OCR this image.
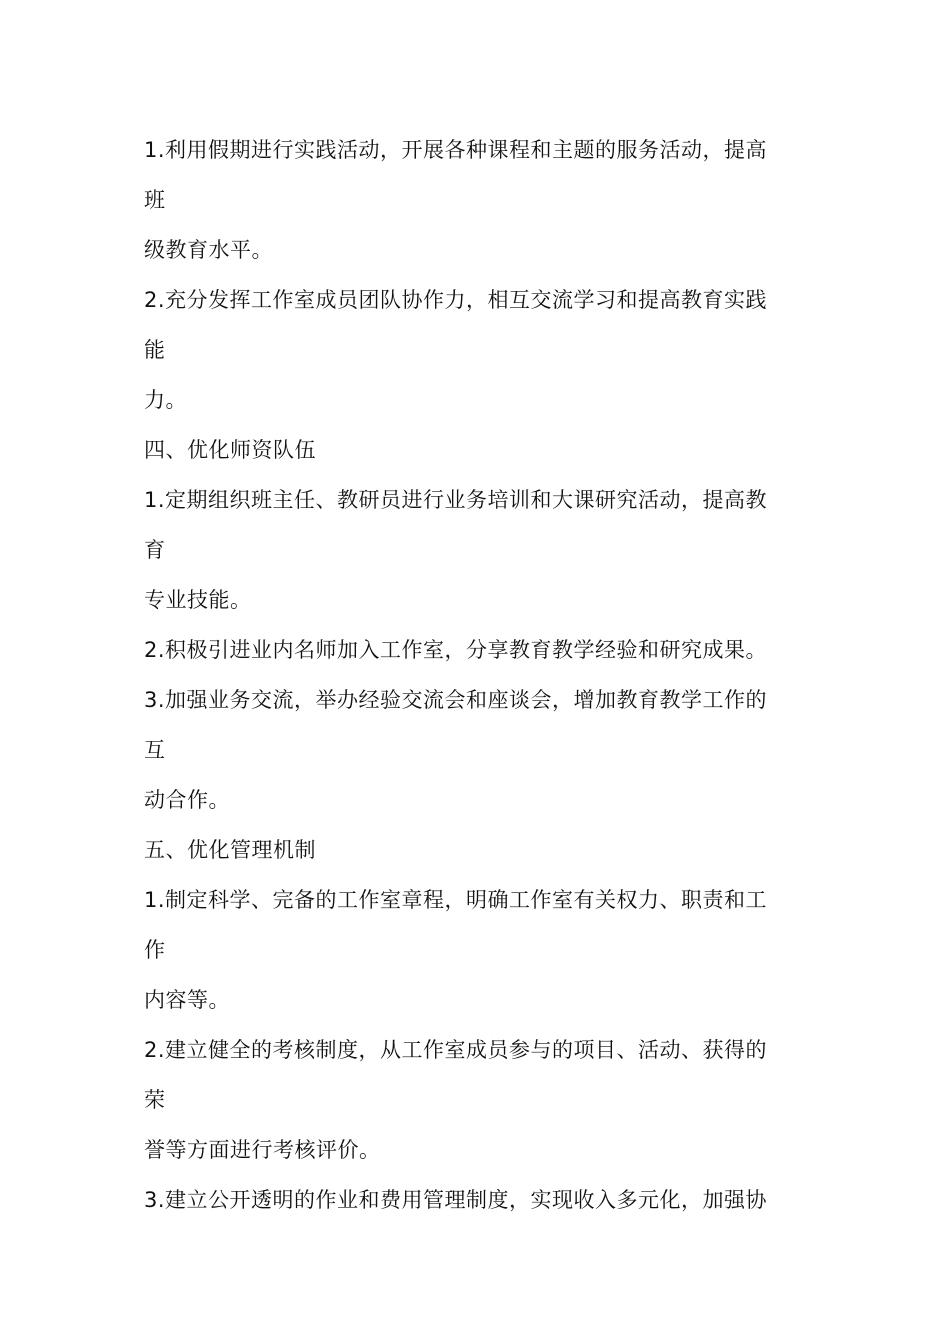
1.利用假期进行实践活动，开展各种课程和主题的服务活动，提高
班
级教育水平。
2.充分发挥工作室成员团队协作力，相互交流学习和提高教育实践
能
力。
四、优化师资队伍
1.定期组织班主任、教研员进行业务培训和大课研究活动，提高教
育
专业技能。
2.积极引进业内名师加入工作室，分享教育教学经验和研究成果。
3.加强业务交流，举办经验交流会和座谈会，增加教育教学工作的
互
动合作。
五、优化管理机制
1.制定科学、完备的工作室章程，明确工作室有关权力、职责和工
作
内容等。
2.建立健全的考核制度，从工作室成员参与的项目、活动、获得的
荣
誉等方面进行考核评价。
3.建立公开透明的作业和费用管理制度，实现收入多元化，加强协
